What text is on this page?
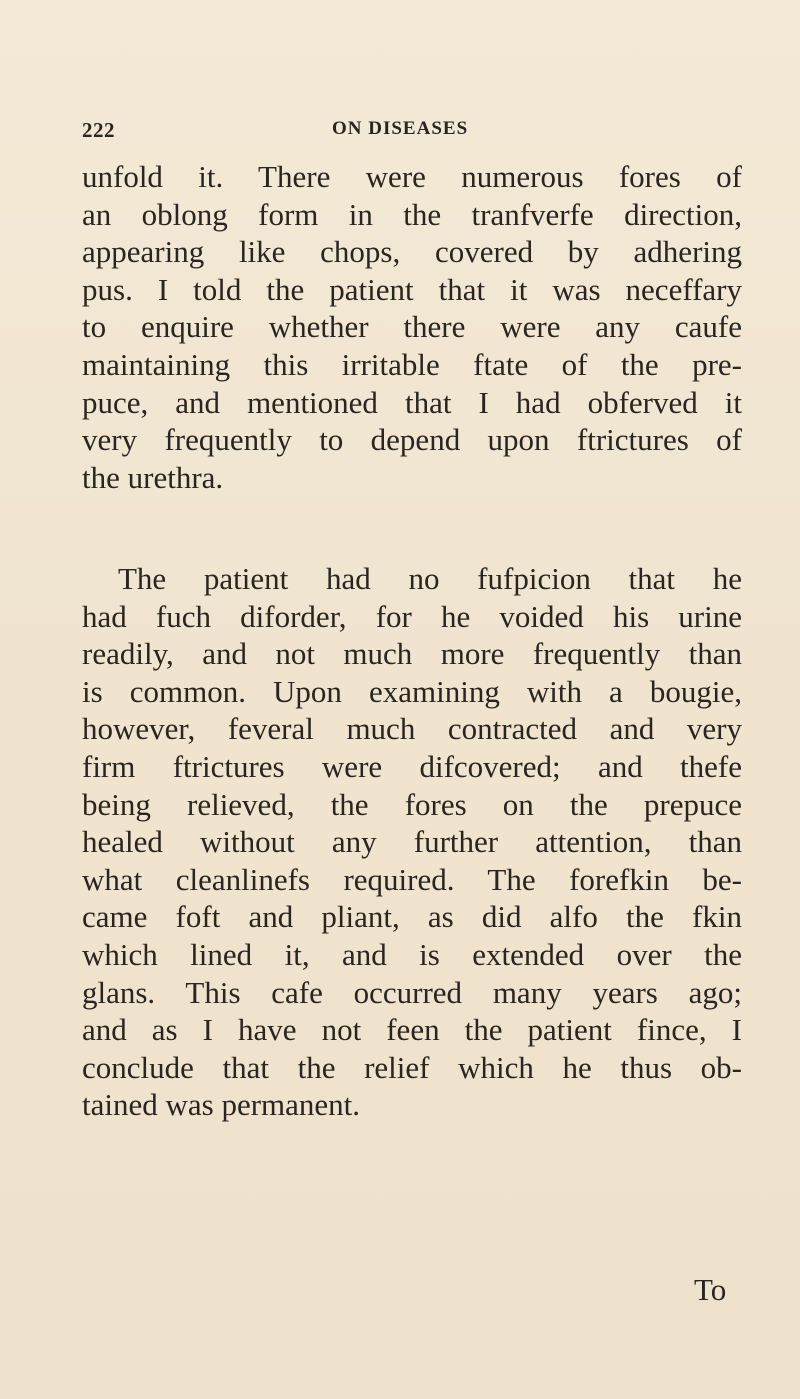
222	ON DISEASES
unfold it. There were numerous fores of
an oblong form in the tranfverfe direction,
appearing like chops, covered by adhering
pus. I told the patient that it was neceffary
to enquire whether there were any caufe
maintaining this irritable ftate of the pre-
puce, and mentioned that I had obferved it
very frequently to depend upon ftrictures of
the urethra.
The patient had no fufpicion that he
had fuch diforder, for he voided his urine
readily, and not much more frequently than
is common. Upon examining with a bougie,
however, feveral much contracted and very
firm ftrictures were difcovered; and thefe
being relieved, the fores on the prepuce
healed without any further attention, than
what cleanlinefs required. The forefkin be-
came foft and pliant, as did alfo the fkin
which lined it, and is extended over the
glans. This cafe occurred many years ago;
and as I have not feen the patient fince, I
conclude that the relief which he thus ob-
tained was permanent.
To
